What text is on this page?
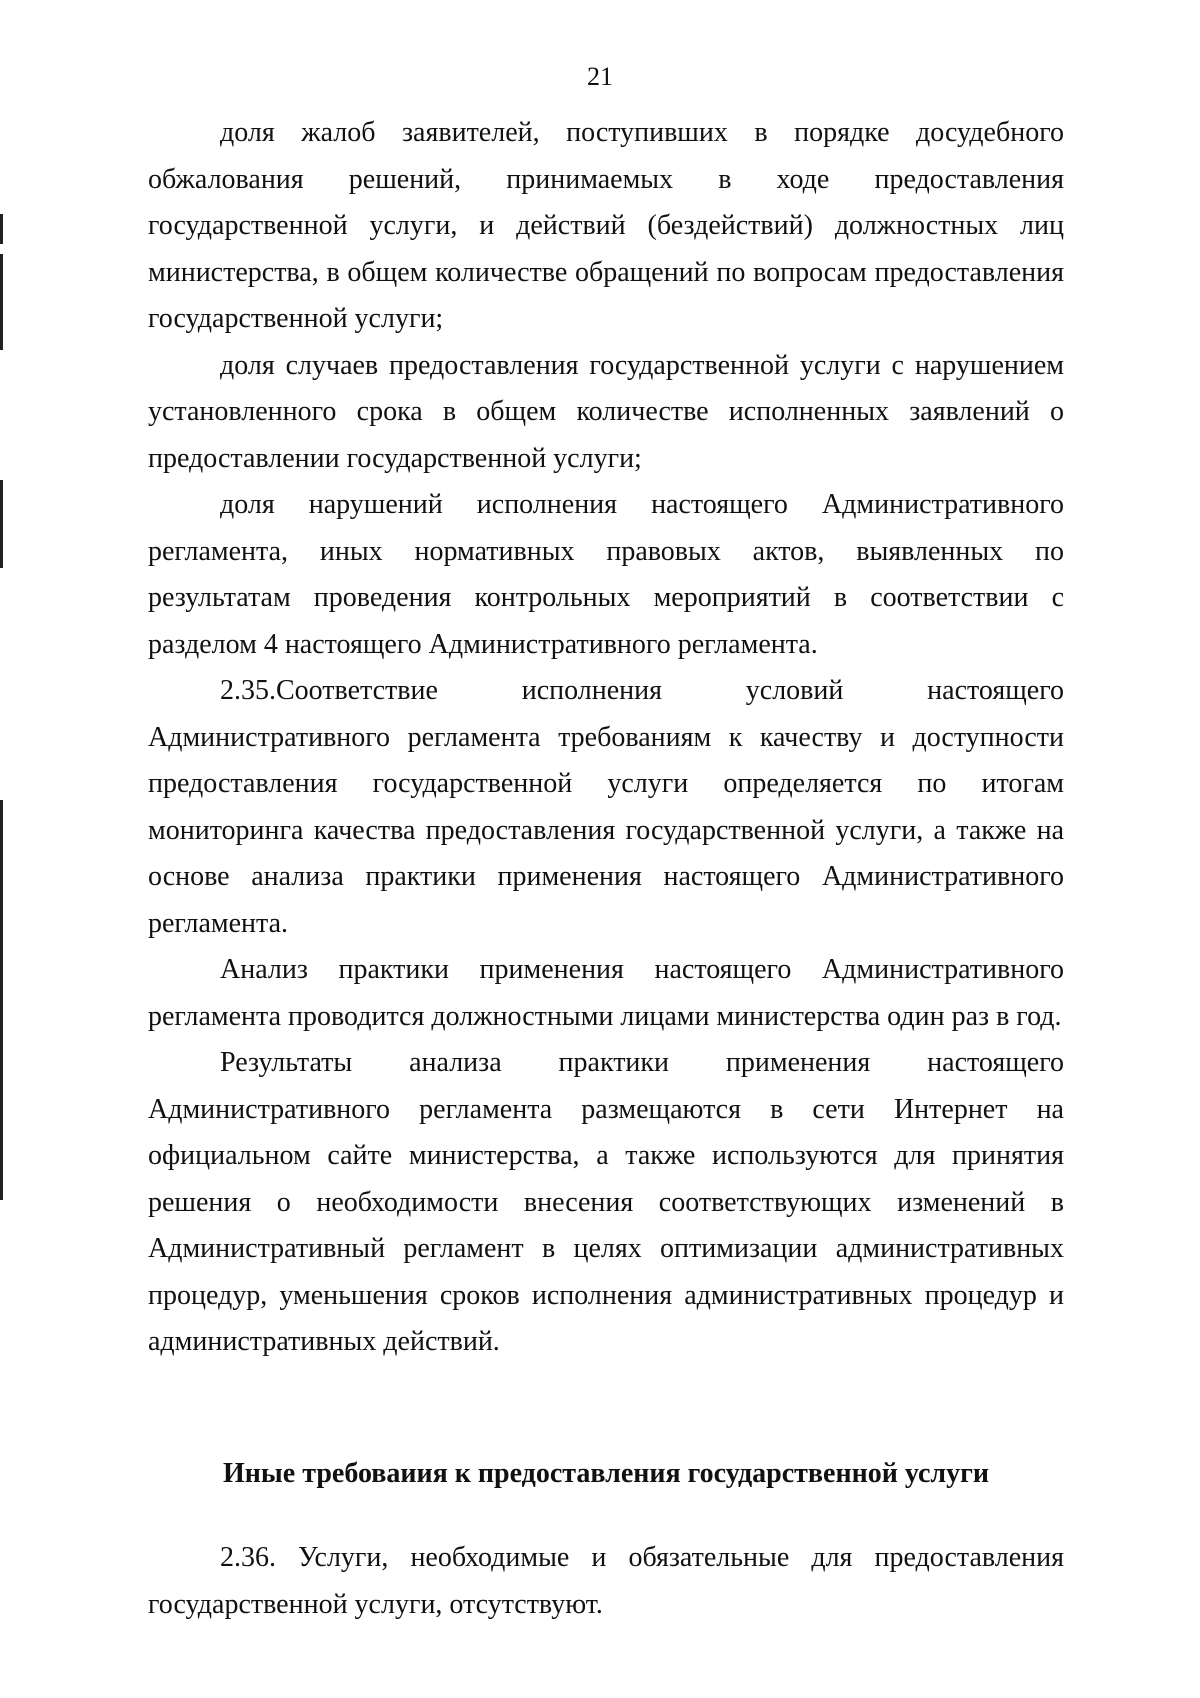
21

доля жалоб заявителей, поступивших в порядке досудебного обжалования решений, принимаемых в ходе предоставления государственной услуги, и действий (бездействий) должностных лиц министерства, в общем количестве обращений по вопросам предоставления государственной услуги;

доля случаев предоставления государственной услуги с нарушением установленного срока в общем количестве исполненных заявлений о предоставлении государственной услуги;

доля нарушений исполнения настоящего Административного регламента, иных нормативных правовых актов, выявленных по результатам проведения контрольных мероприятий в соответствии с разделом 4 настоящего Административного регламента.

2.35.Соответствие исполнения условий настоящего Административного регламента требованиям к качеству и доступности предоставления государственной услуги определяется по итогам мониторинга качества предоставления государственной услуги, а также на основе анализа практики применения настоящего Административного регламента.

Анализ практики применения настоящего Административного регламента проводится должностными лицами министерства один раз в год.

Результаты анализа практики применения настоящего Административного регламента размещаются в сети Интернет на официальном сайте министерства, а также используются для принятия решения о необходимости внесения соответствующих изменений в Административный регламент в целях оптимизации административных процедур, уменьшения сроков исполнения административных процедур и административных действий.

Иные требоваиия к предоставления государственной услуги

2.36. Услуги, необходимые и обязательные для предоставления государственной услуги, отсутствуют.
